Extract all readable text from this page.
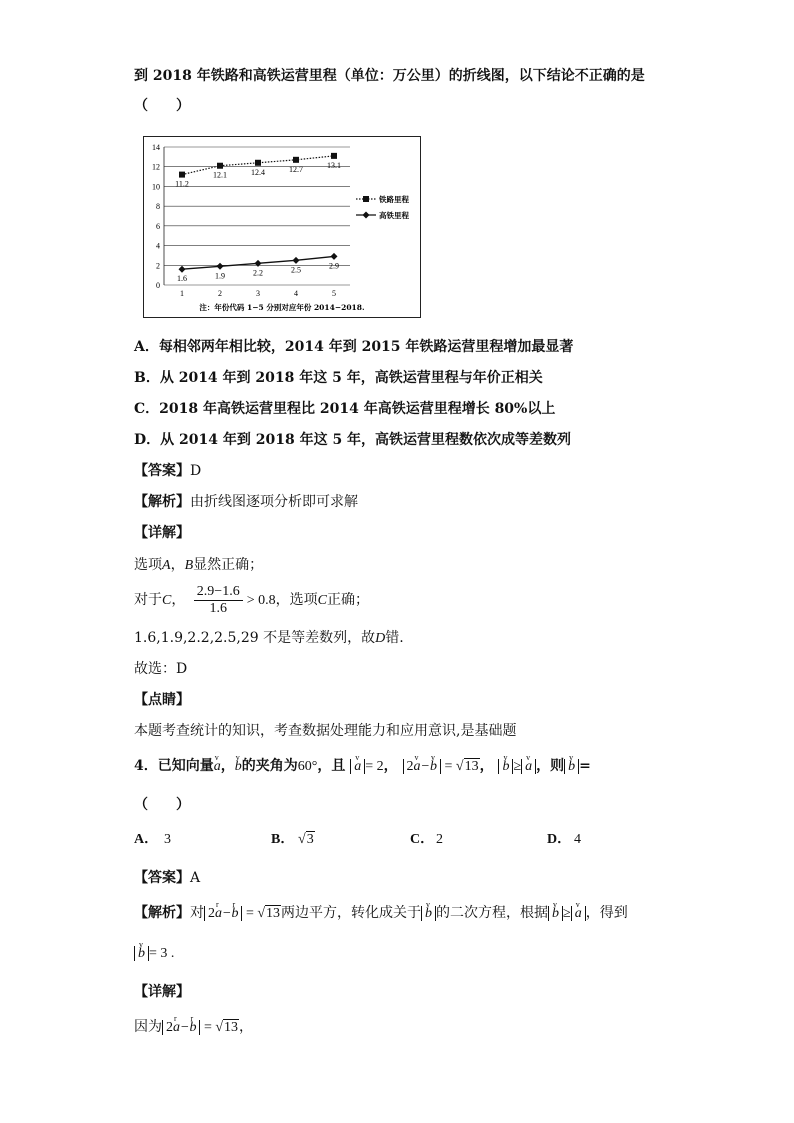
到 2018 年铁路和高铁运营里程（单位：万公里）的折线图，以下结论不正确的是
（　　）
0
2
4
6
8
10
12
14
1	2	3	4	5
11.2
12.1	12.4	12.7	13.1
1.6	1.9	2.2	2.5	2.9
铁路里程
高铁里程
注：年份代码 1−5 分别对应年份 2014−2018.
A．每相邻两年相比较，2014 年到 2015 年铁路运营里程增加最显著
B．从 2014 年到 2018 年这 5 年，高铁运营里程与年价正相关
C．2018 年高铁运营里程比 2014 年高铁运营里程增长 80%以上
D．从 2014 年到 2018 年这 5 年，高铁运营里程数依次成等差数列
【答案】D
【解析】由折线图逐项分析即可求解
【详解】
选项A，B显然正确；
对于C， $\frac{2.9-1.6}{1.6} > 0.8$，选项C正确；
1.6,1.9,2.2,2.5,29 不是等差数列，故D错.
故选：D
【点睛】
本题考查统计的知识，考查数据处理能力和应用意识,是基础题
4．已知向量v a，v b的夹角为60°，且 v a = 2， 2v a−v b = √13， v b ≥ v a ，则 v b =
（　　）
A． 3	B． √3	C． 2	D． 4
【答案】A
【解析】对 2r a−r b = √13两边平方，转化成关于 v b 的二次方程，根据 v b ≥ v a ，得到
v b = 3 .
【详解】
因为 2r a−r b = √13，
